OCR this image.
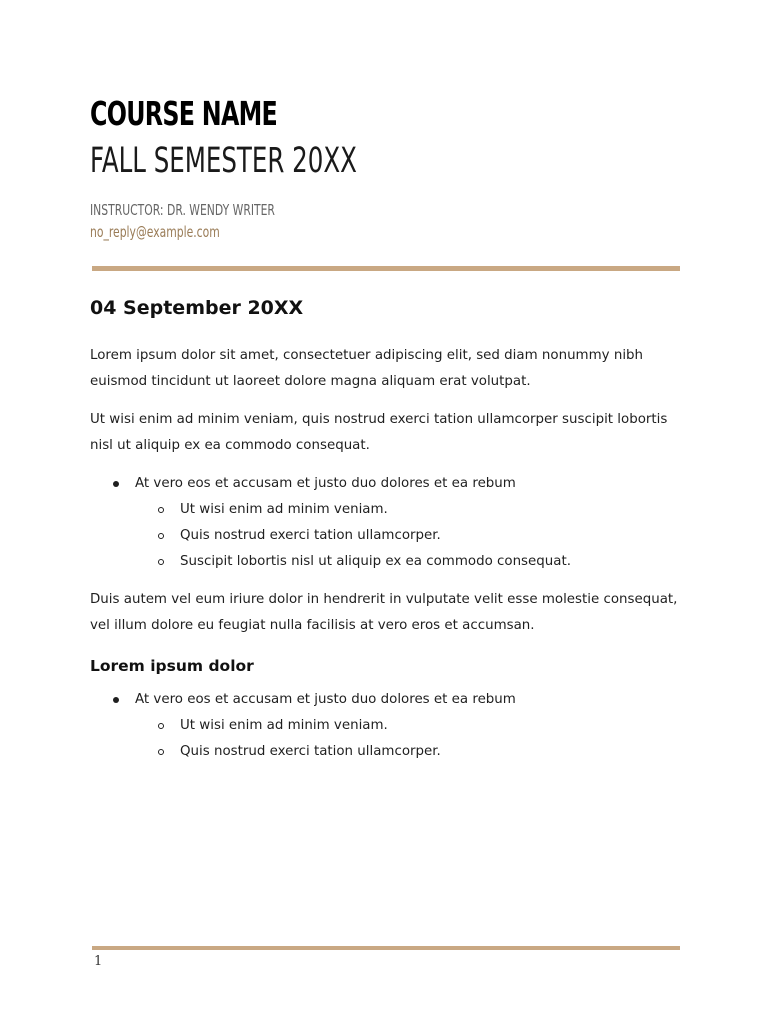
COURSE NAME
FALL SEMESTER 20XX
INSTRUCTOR: DR. WENDY WRITER
no_reply@example.com
04 September 20XX

Lorem ipsum dolor sit amet, consectetuer adipiscing elit, sed diam nonummy nibh euismod tincidunt ut laoreet dolore magna aliquam erat volutpat.

Ut wisi enim ad minim veniam, quis nostrud exerci tation ullamcorper suscipit lobortis nisl ut aliquip ex ea commodo consequat.

At vero eos et accusam et justo duo dolores et ea rebum
Ut wisi enim ad minim veniam.
Quis nostrud exerci tation ullamcorper.
Suscipit lobortis nisl ut aliquip ex ea commodo consequat.

Duis autem vel eum iriure dolor in hendrerit in vulputate velit esse molestie consequat, vel illum dolore eu feugiat nulla facilisis at vero eros et accumsan.

Lorem ipsum dolor
At vero eos et accusam et justo duo dolores et ea rebum
Ut wisi enim ad minim veniam.
Quis nostrud exerci tation ullamcorper.
1
